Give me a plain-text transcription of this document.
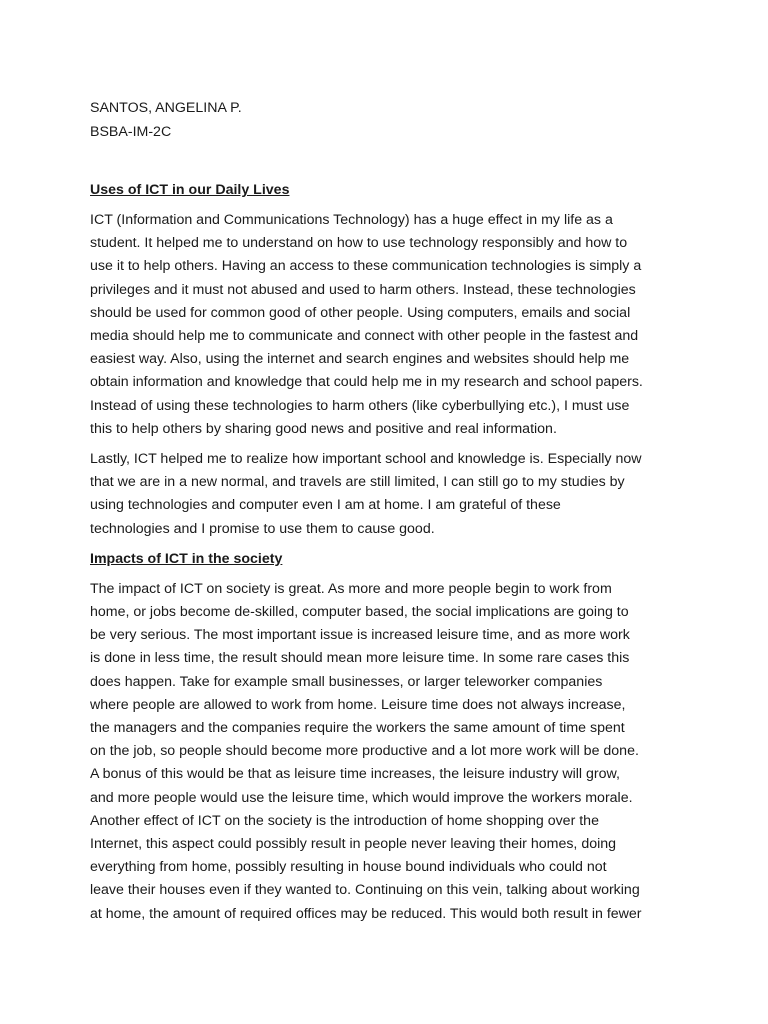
SANTOS, ANGELINA P.

BSBA-IM-2C

Uses of ICT in our Daily Lives

ICT (Information and Communications Technology) has a huge effect in my life as a
student. It helped me to understand on how to use technology responsibly and how to
use it to help others. Having an access to these communication technologies is simply a
privileges and it must not abused and used to harm others. Instead, these technologies
should be used for common good of other people. Using computers, emails and social
media should help me to communicate and connect with other people in the fastest and
easiest way. Also, using the internet and search engines and websites should help me
obtain information and knowledge that could help me in my research and school papers.
Instead of using these technologies to harm others (like cyberbullying etc.), I must use
this to help others by sharing good news and positive and real information.
Lastly, ICT helped me to realize how important school and knowledge is. Especially now
that we are in a new normal, and travels are still limited, I can still go to my studies by
using technologies and computer even I am at home. I am grateful of these
technologies and I promise to use them to cause good.

Impacts of ICT in the society

The impact of ICT on society is great. As more and more people begin to work from
home, or jobs become de-skilled, computer based, the social implications are going to
be very serious. The most important issue is increased leisure time, and as more work
is done in less time, the result should mean more leisure time. In some rare cases this
does happen. Take for example small businesses, or larger teleworker companies
where people are allowed to work from home. Leisure time does not always increase,
the managers and the companies require the workers the same amount of time spent
on the job, so people should become more productive and a lot more work will be done.
A bonus of this would be that as leisure time increases, the leisure industry will grow,
and more people would use the leisure time, which would improve the workers morale.
Another effect of ICT on the society is the introduction of home shopping over the
Internet, this aspect could possibly result in people never leaving their homes, doing
everything from home, possibly resulting in house bound individuals who could not
leave their houses even if they wanted to. Continuing on this vein, talking about working
at home, the amount of required offices may be reduced. This would both result in fewer
